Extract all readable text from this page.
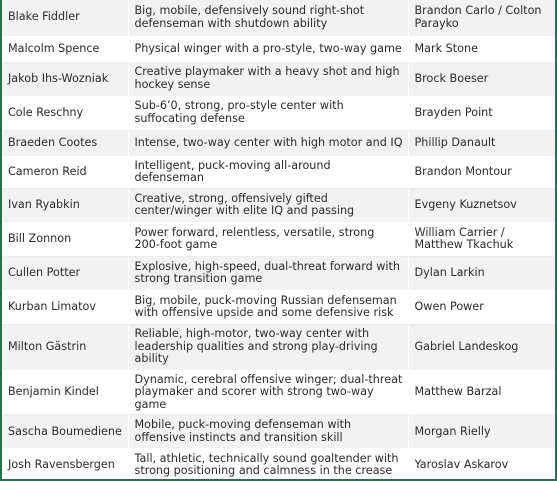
Blake Fiddler	Big, mobile, defensively sound right-shot defenseman with shutdown ability	Brandon Carlo / Colton Parayko
Malcolm Spence	Physical winger with a pro-style, two-way game	Mark Stone
Jakob Ihs-Wozniak	Creative playmaker with a heavy shot and high hockey sense	Brock Boeser
Cole Reschny	Sub-6’0, strong, pro-style center with suffocating defense	Brayden Point
Braeden Cootes	Intense, two-way center with high motor and IQ	Phillip Danault
Cameron Reid	Intelligent, puck-moving all-around defenseman	Brandon Montour
Ivan Ryabkin	Creative, strong, offensively gifted center/winger with elite IQ and passing	Evgeny Kuznetsov
Bill Zonnon	Power forward, relentless, versatile, strong 200-foot game	William Carrier / Matthew Tkachuk
Cullen Potter	Explosive, high-speed, dual-threat forward with strong transition game	Dylan Larkin
Kurban Limatov	Big, mobile, puck-moving Russian defenseman with offensive upside and some defensive risk	Owen Power
Milton Gästrin	Reliable, high-motor, two-way center with leadership qualities and strong play-driving ability	Gabriel Landeskog
Benjamin Kindel	Dynamic, cerebral offensive winger; dual-threat playmaker and scorer with strong two-way game	Matthew Barzal
Sascha Boumediene	Mobile, puck-moving defenseman with offensive instincts and transition skill	Morgan Rielly
Josh Ravensbergen	Tall, athletic, technically sound goaltender with strong positioning and calmness in the crease	Yaroslav Askarov
